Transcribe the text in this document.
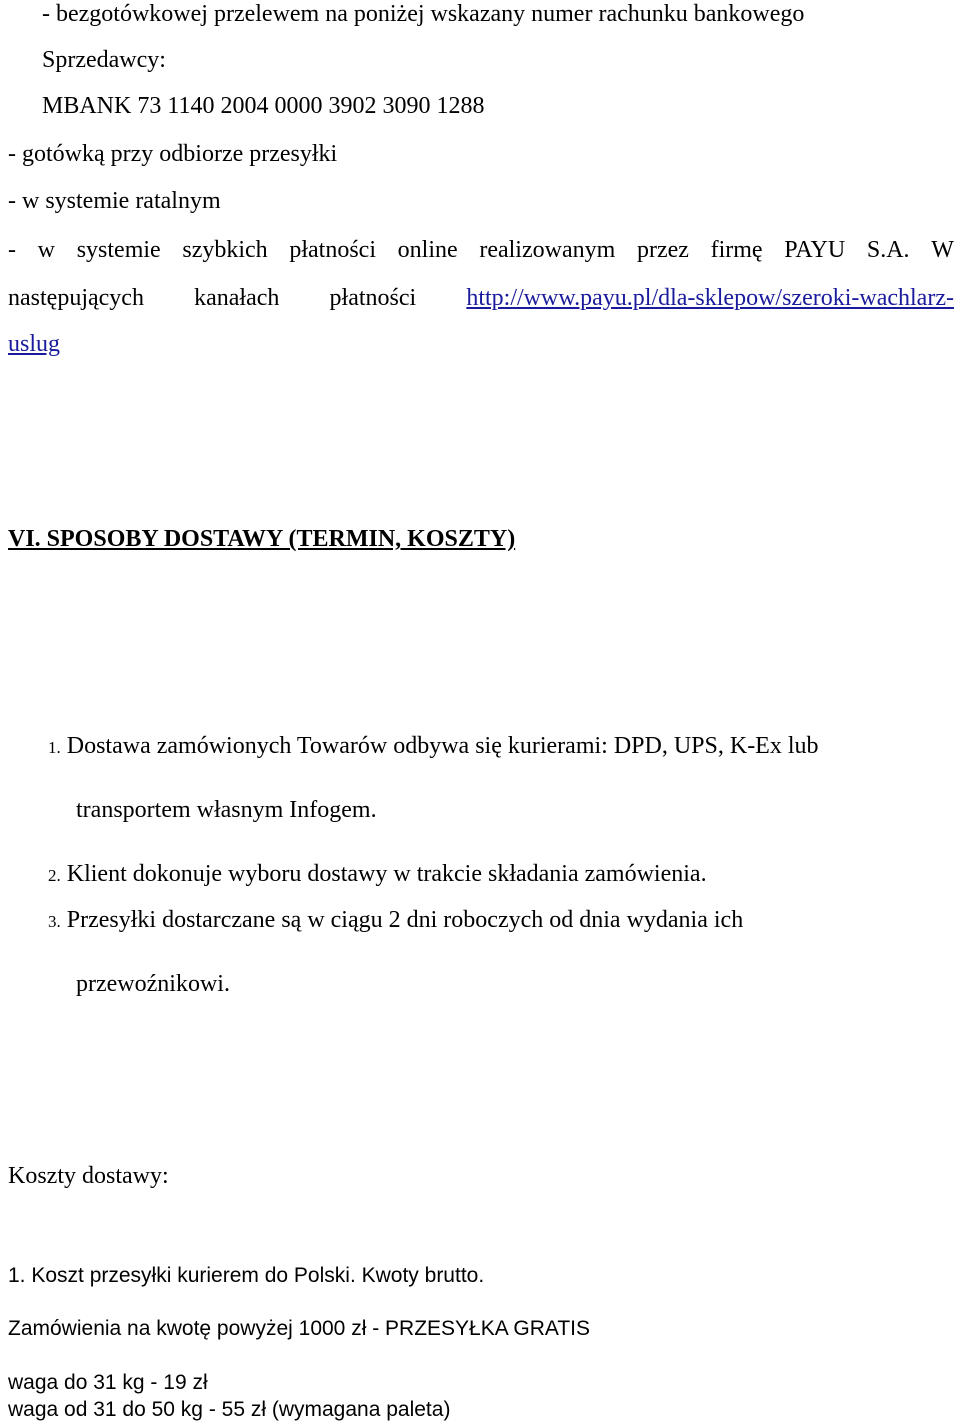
- bezgotówkowej przelewem na poniżej wskazany numer rachunku bankowego
Sprzedawcy:
MBANK 73 1140 2004 0000 3902 3090 1288
- gotówką przy odbiorze przesyłki
- w systemie ratalnym
- w systemie szybkich płatności online realizowanym przez firmę PAYU S.A. W
następujących kanałach płatności http://www.payu.pl/dla-sklepow/szeroki-wachlarz-
uslug
VI. SPOSOBY DOSTAWY (TERMIN, KOSZTY)
1. Dostawa zamówionych Towarów odbywa się kurierami: DPD, UPS, K-Ex lub
transportem własnym Infogem.
2. Klient dokonuje wyboru dostawy w trakcie składania zamówienia.
3. Przesyłki dostarczane są w ciągu 2 dni roboczych od dnia wydania ich
przewoźnikowi.
Koszty dostawy:
1. Koszt przesyłki kurierem do Polski. Kwoty brutto.
Zamówienia na kwotę powyżej 1000 zł - PRZESYŁKA GRATIS
waga do 31 kg - 19 zł
waga od 31 do 50 kg - 55 zł (wymagana paleta)
